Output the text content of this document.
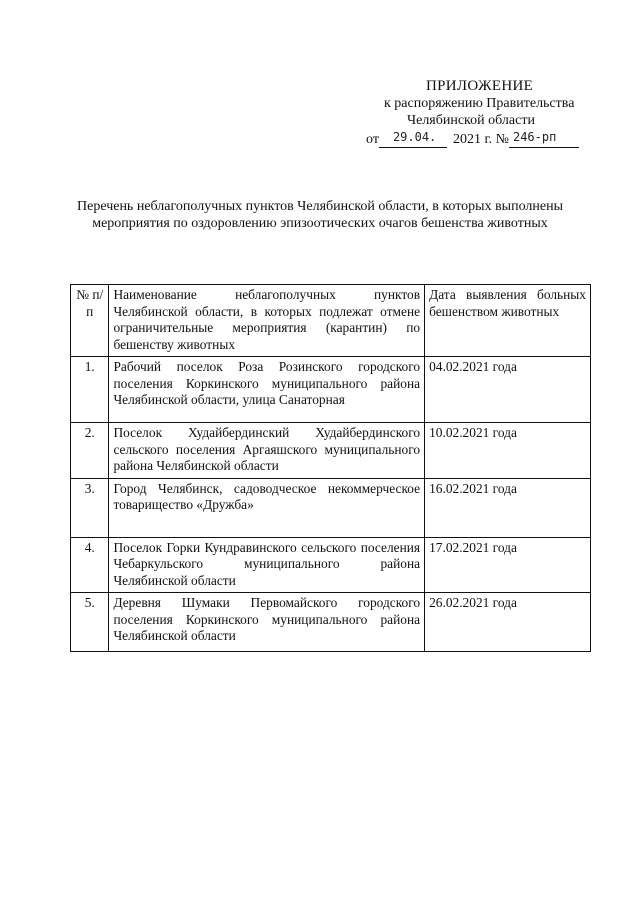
ПРИЛОЖЕНИЕ
к распоряжению Правительства
Челябинской области
от 29.04. 2021 г. № 246-рп
Перечень неблагополучных пунктов Челябинской области, в которых выполнены мероприятия по оздоровлению эпизоотических очагов бешенства животных
№ п/п	Наименование неблагополучных пунктов Челябинской области, в которых подлежат отмене ограничительные мероприятия (карантин) по бешенству животных	Дата выявления больных бешенством животных
1.	Рабочий поселок Роза Розинского городского поселения Коркинского муниципального района Челябинской области, улица Санаторная	04.02.2021 года
2.	Поселок Худайбердинский Худайбердинского сельского поселения Аргаяшского муниципального района Челябинской области	10.02.2021 года
3.	Город Челябинск, садоводческое некоммерческое товарищество «Дружба»	16.02.2021 года
4.	Поселок Горки Кундравинского сельского поселения Чебаркульского муниципального района Челябинской области	17.02.2021 года
5.	Деревня Шумаки Первомайского городского поселения Коркинского муниципального района Челябинской области	26.02.2021 года
